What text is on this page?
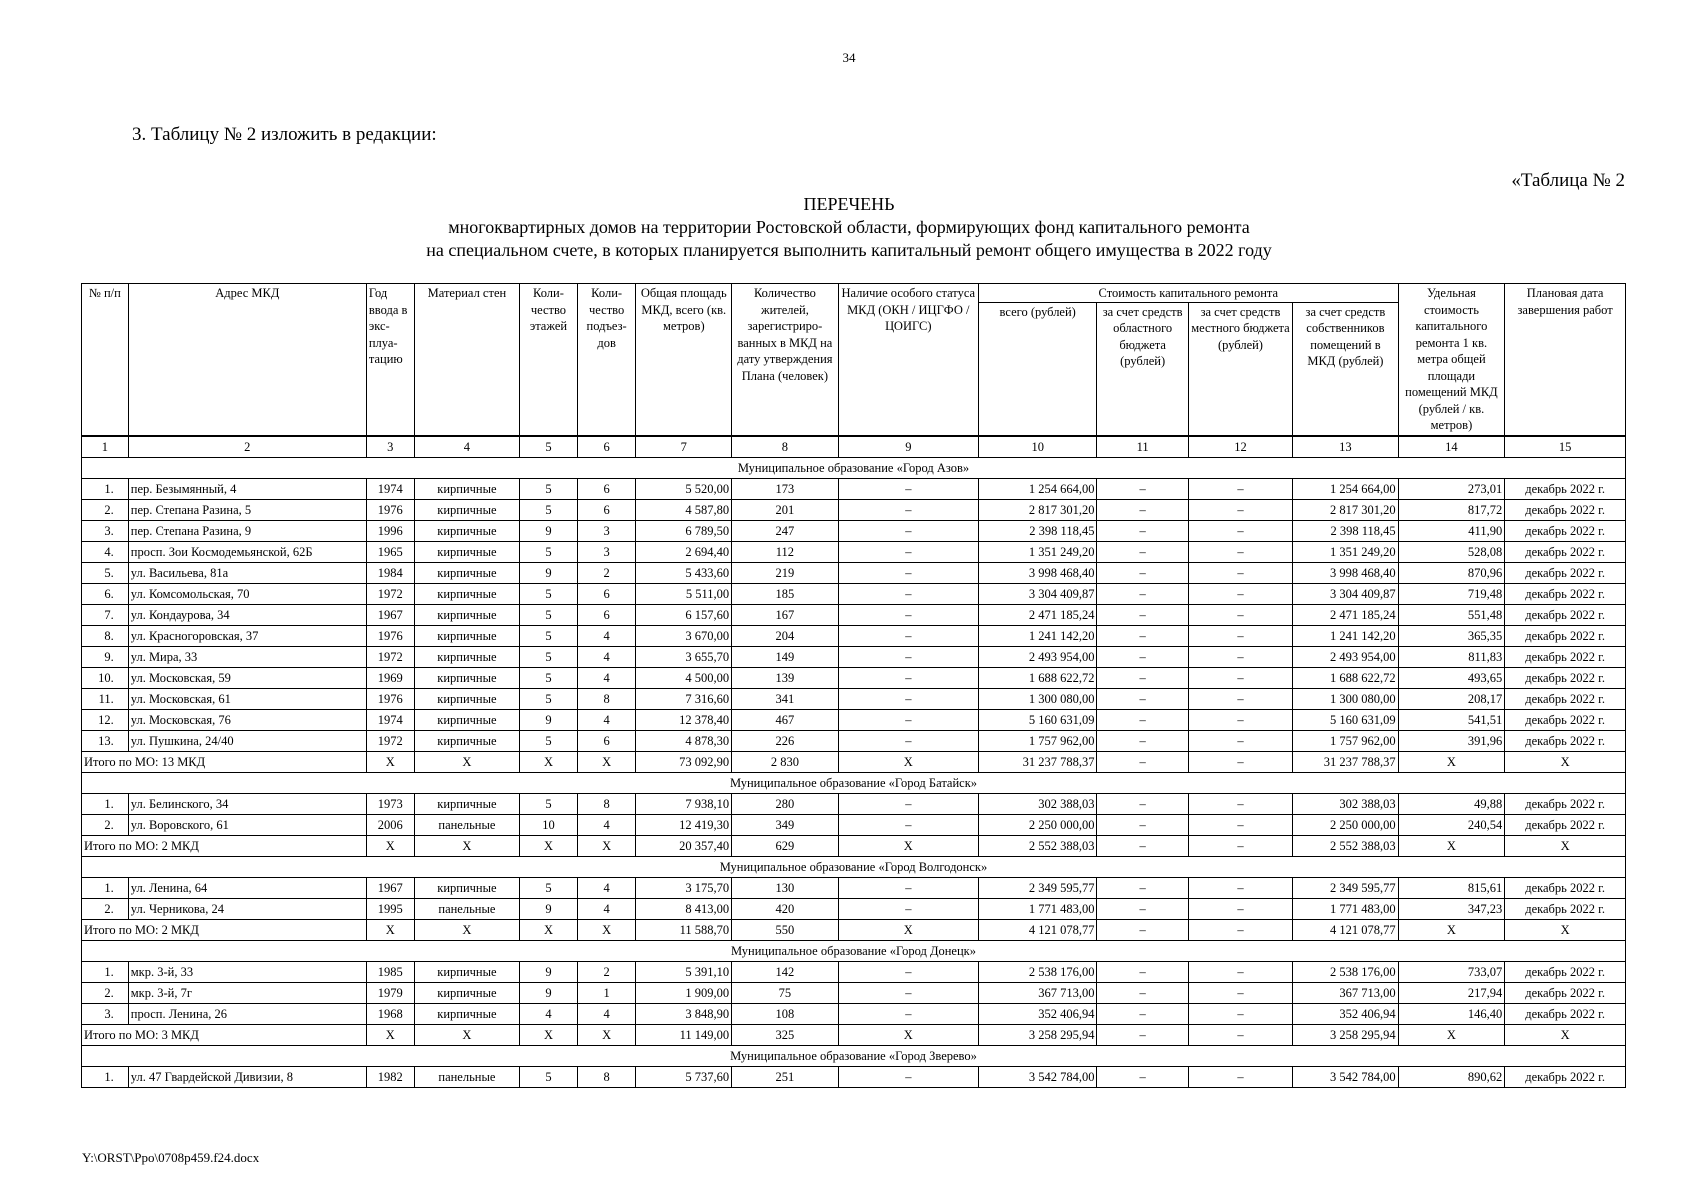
34
3. Таблицу № 2 изложить в редакции:
«Таблица № 2
ПЕРЕЧЕНЬ
многоквартирных домов на территории Ростовской области, формирующих фонд капитального ремонта
на специальном счете, в которых планируется выполнить капитальный ремонт общего имущества в 2022 году
№ п/п	Адрес МКД	Год ввода в экс-плуа-тацию	Материал стен	Коли-чество этажей	Коли-чество подъез-дов	Общая площадь МКД, всего (кв. метров)	Количество жителей, зарегистриро-ванных в МКД на дату утверждения Плана (человек)	Наличие особого статуса МКД (ОКН / ИЦГФО / ЦОИГС)	Стоимость капитального ремонта				Удельная стоимость капитального ремонта 1 кв. метра общей площади помещений МКД (рублей / кв. метров)	Плановая дата завершения работ
									всего (рублей)	за счет средств областного бюджета (рублей)	за счет средств местного бюджета (рублей)	за счет средств собственников помещений в МКД (рублей)		
1	2	3	4	5	6	7	8	9	10	11	12	13	14	15
Муниципальное образование «Город Азов»														
1.	пер. Безымянный, 4	1974	кирпичные	5	6	5 520,00	173	–	1 254 664,00	–	–	1 254 664,00	273,01	декабрь 2022 г.
2.	пер. Степана Разина, 5	1976	кирпичные	5	6	4 587,80	201	–	2 817 301,20	–	–	2 817 301,20	817,72	декабрь 2022 г.
3.	пер. Степана Разина, 9	1996	кирпичные	9	3	6 789,50	247	–	2 398 118,45	–	–	2 398 118,45	411,90	декабрь 2022 г.
4.	просп. Зои Космодемьянской, 62Б	1965	кирпичные	5	3	2 694,40	112	–	1 351 249,20	–	–	1 351 249,20	528,08	декабрь 2022 г.
5.	ул. Васильева, 81а	1984	кирпичные	9	2	5 433,60	219	–	3 998 468,40	–	–	3 998 468,40	870,96	декабрь 2022 г.
6.	ул. Комсомольская, 70	1972	кирпичные	5	6	5 511,00	185	–	3 304 409,87	–	–	3 304 409,87	719,48	декабрь 2022 г.
7.	ул. Кондаурова, 34	1967	кирпичные	5	6	6 157,60	167	–	2 471 185,24	–	–	2 471 185,24	551,48	декабрь 2022 г.
8.	ул. Красногоровская, 37	1976	кирпичные	5	4	3 670,00	204	–	1 241 142,20	–	–	1 241 142,20	365,35	декабрь 2022 г.
9.	ул. Мира, 33	1972	кирпичные	5	4	3 655,70	149	–	2 493 954,00	–	–	2 493 954,00	811,83	декабрь 2022 г.
10.	ул. Московская, 59	1969	кирпичные	5	4	4 500,00	139	–	1 688 622,72	–	–	1 688 622,72	493,65	декабрь 2022 г.
11.	ул. Московская, 61	1976	кирпичные	5	8	7 316,60	341	–	1 300 080,00	–	–	1 300 080,00	208,17	декабрь 2022 г.
12.	ул. Московская, 76	1974	кирпичные	9	4	12 378,40	467	–	5 160 631,09	–	–	5 160 631,09	541,51	декабрь 2022 г.
13.	ул. Пушкина, 24/40	1972	кирпичные	5	6	4 878,30	226	–	1 757 962,00	–	–	1 757 962,00	391,96	декабрь 2022 г.
Итого по МО: 13 МКД		X	X	X	X	73 092,90	2 830	X	31 237 788,37	–	–	31 237 788,37	X	X
Муниципальное образование «Город Батайск»														
1.	ул. Белинского, 34	1973	кирпичные	5	8	7 938,10	280	–	302 388,03	–	–	302 388,03	49,88	декабрь 2022 г.
2.	ул. Воровского, 61	2006	панельные	10	4	12 419,30	349	–	2 250 000,00	–	–	2 250 000,00	240,54	декабрь 2022 г.
Итого по МО: 2 МКД		X	X	X	X	20 357,40	629	X	2 552 388,03	–	–	2 552 388,03	X	X
Муниципальное образование «Город Волгодонск»														
1.	ул. Ленина, 64	1967	кирпичные	5	4	3 175,70	130	–	2 349 595,77	–	–	2 349 595,77	815,61	декабрь 2022 г.
2.	ул. Черникова, 24	1995	панельные	9	4	8 413,00	420	–	1 771 483,00	–	–	1 771 483,00	347,23	декабрь 2022 г.
Итого по МО: 2 МКД		X	X	X	X	11 588,70	550	X	4 121 078,77	–	–	4 121 078,77	X	X
Муниципальное образование «Город Донецк»														
1.	мкр. 3-й, 33	1985	кирпичные	9	2	5 391,10	142	–	2 538 176,00	–	–	2 538 176,00	733,07	декабрь 2022 г.
2.	мкр. 3-й, 7г	1979	кирпичные	9	1	1 909,00	75	–	367 713,00	–	–	367 713,00	217,94	декабрь 2022 г.
3.	просп. Ленина, 26	1968	кирпичные	4	4	3 848,90	108	–	352 406,94	–	–	352 406,94	146,40	декабрь 2022 г.
Итого по МО: 3 МКД		X	X	X	X	11 149,00	325	X	3 258 295,94	–	–	3 258 295,94	X	X
Муниципальное образование «Город Зверево»														
1.	ул. 47 Гвардейской Дивизии, 8	1982	панельные	5	8	5 737,60	251	–	3 542 784,00	–	–	3 542 784,00	890,62	декабрь 2022 г.
Y:\ORST\Ppo\0708p459.f24.docx
